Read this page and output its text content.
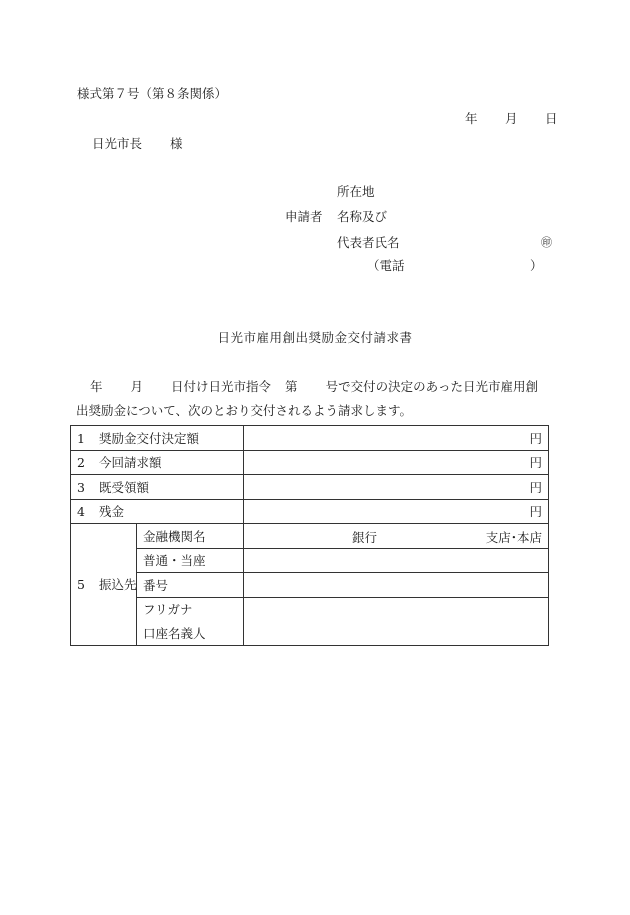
様式第７号（第８条関係）
年 月 日
日光市長 様
所在地
申請者 名称及び
代表者氏名	㊞
（電話	）
日光市雇用創出奨励金交付請求書
年 月 日付け日光市指令 第 号で交付の決定のあった日光市雇用創
出奨励金について、次のとおり交付されるよう請求します。
1 奨励金交付決定額		円
2 今回請求額		円
3 既受領額		円
4 残金		円
5 振込先	金融機関名	銀行 支店･本店

	普通・当座	
	番号	
	フリガナ	
	口座名義人	
